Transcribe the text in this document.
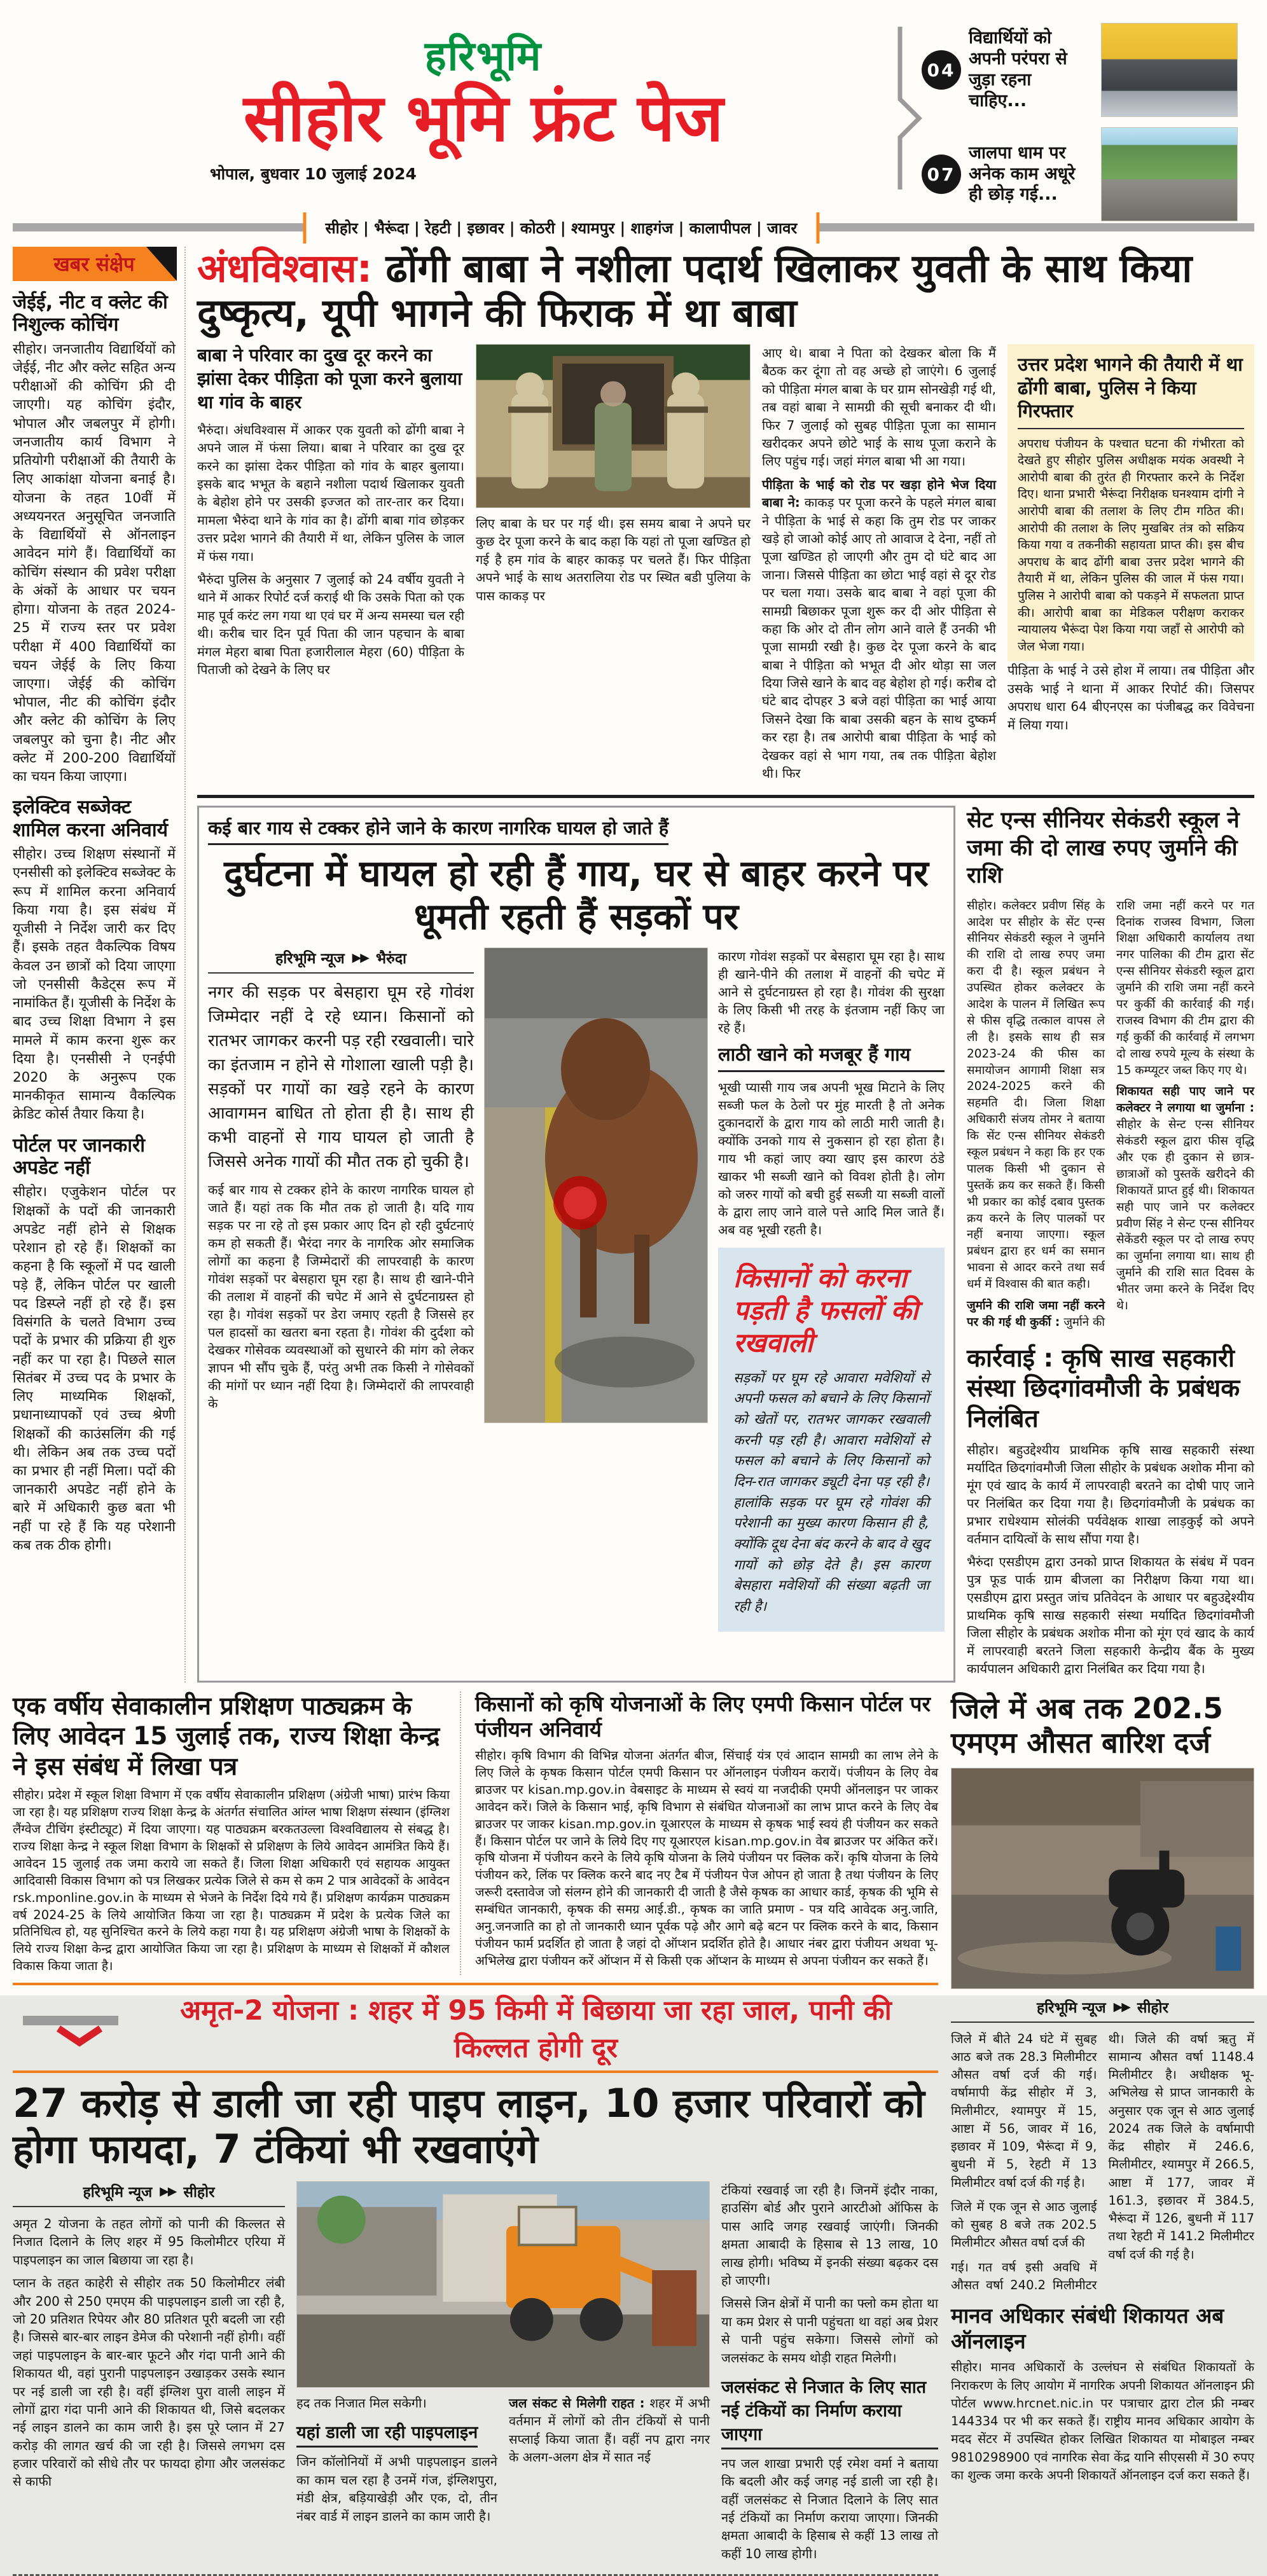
हरिभूमि
सीहोर भूमि फ्रंट पेज
भोपाल, बुधवार 10 जुलाई 2024
04
विद्यार्थियों को अपनी परंपरा से जुड़ा रहना चाहिए...
07
जालपा धाम पर अनेक काम अधूरे ही छोड़ गई...
सीहोर | भैरूंदा | रेहटी | इछावर | कोठरी | श्यामपुर | शाहगंज | कालापीपल | जावर
खबर संक्षेप
जेईई, नीट व क्लेट की निशुल्क कोचिंग

सीहोर। जनजातीय विद्यार्थियों को जेईई, नीट और क्लेट सहित अन्य परीक्षाओं की कोचिंग फ्री दी जाएगी। यह कोचिंग इंदौर, भोपाल और जबलपुर में होगी। जनजातीय कार्य विभाग ने प्रतियोगी परीक्षाओं की तैयारी के लिए आकांक्षा योजना बनाई है। योजना के तहत 10वीं में अध्ययनरत अनुसूचित जनजाति के विद्यार्थियों से ऑनलाइन आवेदन मांगे हैं। विद्यार्थियों का कोचिंग संस्थान की प्रवेश परीक्षा के अंकों के आधार पर चयन होगा। योजना के तहत 2024-25 में राज्य स्तर पर प्रवेश परीक्षा में 400 विद्यार्थियों का चयन जेईई के लिए किया जाएगा। जेईई की कोचिंग भोपाल, नीट की कोचिंग इंदौर और क्लेट की कोचिंग के लिए जबलपुर को चुना है। नीट और क्लेट में 200-200 विद्यार्थियों का चयन किया जाएगा।

इलेक्टिव सब्जेक्ट शामिल करना अनिवार्य

सीहोर। उच्च शिक्षण संस्थानों में एनसीसी को इलेक्टिव सब्जेक्ट के रूप में शामिल करना अनिवार्य किया गया है। इस संबंध में यूजीसी ने निर्देश जारी कर दिए हैं। इसके तहत वैकल्पिक विषय केवल उन छात्रों को दिया जाएगा जो एनसीसी कैडेट्स रूप में नामांकित हैं। यूजीसी के निर्देश के बाद उच्च शिक्षा विभाग ने इस मामले में काम करना शुरू कर दिया है। एनसीसी ने एनईपी 2020 के अनुरूप एक मानकीकृत सामान्य वैकल्पिक क्रेडिट कोर्स तैयार किया है।

पोर्टल पर जानकारी अपडेट नहीं

सीहोर। एजुकेशन पोर्टल पर शिक्षकों के पदों की जानकारी अपडेट नहीं होने से शिक्षक परेशान हो रहे हैं। शिक्षकों का कहना है कि स्कूलों में पद खाली पड़े हैं, लेकिन पोर्टल पर खाली पद डिस्प्ले नहीं हो रहे हैं। इस विसंगति के चलते विभाग उच्च पदों के प्रभार की प्रक्रिया ही शुरु नहीं कर पा रहा है। पिछले साल सितंबर में उच्च पद के प्रभार के लिए माध्यमिक शिक्षकों, प्रधानाध्यापकों एवं उच्च श्रेणी शिक्षकों की काउंसलिंग की गई थी। लेकिन अब तक उच्च पदों का प्रभार ही नहीं मिला। पदों की जानकारी अपडेट नहीं होने के बारे में अधिकारी कुछ बता भी नहीं पा रहे हैं कि यह परेशानी कब तक ठीक होगी।

अंधविश्वास: ढोंगी बाबा ने नशीला पदार्थ खिलाकर युवती के साथ किया दुष्कृत्य, यूपी भागने की फिराक में था बाबा
बाबा ने परिवार का दुख दूर करने का झांसा देकर पीड़िता को पूजा करने बुलाया था गांव के बाहर

भैरुंदा। अंधविश्वास में आकर एक युवती को ढोंगी बाबा ने अपने जाल में फंसा लिया। बाबा ने परिवार का दुख दूर करने का झांसा देकर पीड़िता को गांव के बाहर बुलाया। इसके बाद भभूत के बहाने नशीला पदार्थ खिलाकर युवती के बेहोश होने पर उसकी इज्जत को तार-तार कर दिया। मामला भैरुंदा थाने के गांव का है। ढोंगी बाबा गांव छोड़कर उत्तर प्रदेश भागने की तैयारी में था, लेकिन पुलिस के जाल में फंस गया।

भैरुंदा पुलिस के अनुसार 7 जुलाई को 24 वर्षीय युवती ने थाने में आकर रिपोर्ट दर्ज कराई थी कि उसके पिता को एक माह पूर्व करंट लग गया था एवं घर में अन्य समस्या चल रही थी। करीब चार दिन पूर्व पिता की जान पहचान के बाबा मंगल मेहरा बाबा पिता हजारीलाल मेहरा (60) पीड़िता के पिताजी को देखने के लिए घर

लिए बाबा के घर पर गई थी। इस समय बाबा ने अपने घर कुछ देर पूजा करने के बाद कहा कि यहां तो पूजा खण्डित हो गई है हम गांव के बाहर काकड़ पर चलते हैं। फिर पीड़िता अपने भाई के साथ अतरालिया रोड पर स्थित बडी पुलिया के पास काकड़ पर

आए थे। बाबा ने पिता को देखकर बोला कि मैं बैठक कर दूंगा तो वह अच्छे हो जाएंगे। 6 जुलाई को पीड़िता मंगल बाबा के घर ग्राम सोनखेड़ी गई थी, तब वहां बाबा ने सामग्री की सूची बनाकर दी थी। फिर 7 जुलाई को सुबह पीड़िता पूजा का सामान खरीदकर अपने छोटे भाई के साथ पूजा कराने के लिए पहुंच गई। जहां मंगल बाबा भी आ गया।

पीड़िता के भाई को रोड पर खड़ा होने भेज दिया बाबा ने: काकड़ पर पूजा करने के पहले मंगल बाबा ने पीड़िता के भाई से कहा कि तुम रोड पर जाकर खड़े हो जाओ कोई आए तो आवाज दे देना, नहीं तो पूजा खण्डित हो जाएगी और तुम दो घंटे बाद आ जाना। जिससे पीड़िता का छोटा भाई वहां से दूर रोड पर चला गया। उसके बाद बाबा ने वहां पूजा की सामग्री बिछाकर पूजा शुरू कर दी ओर पीड़िता से कहा कि ओर दो तीन लोग आने वाले हैं उनकी भी पूजा सामग्री रखी है। कुछ देर पूजा करने के बाद बाबा ने पीड़िता को भभूत दी ओर थोड़ा सा जल दिया जिसे खाने के बाद वह बेहोश हो गई। करीब दो घंटे बाद दोपहर 3 बजे वहां पीड़िता का भाई आया जिसने देखा कि बाबा उसकी बहन के साथ दुष्कर्म कर रहा है। तब आरोपी बाबा पीड़िता के भाई को देखकर वहां से भाग गया, तब तक पीड़िता बेहोश थी। फिर

उत्तर प्रदेश भागने की तैयारी में था ढोंगी बाबा, पुलिस ने किया गिरफ्तार

अपराध पंजीयन के पश्चात घटना की गंभीरता को देखते हुए सीहोर पुलिस अधीक्षक मयंक अवस्थी ने आरोपी बाबा की तुरंत ही गिरफ्तार करने के निर्देश दिए। थाना प्रभारी भैरूंदा निरीक्षक घनश्याम दांगी ने आरोपी बाबा की तलाश के लिए टीम गठित की। आरोपी की तलाश के लिए मुखबिर तंत्र को सक्रिय किया गया व तकनीकी सहायता प्राप्त की। इस बीच अपराध के बाद ढोंगी बाबा उत्तर प्रदेश भागने की तैयारी में था, लेकिन पुलिस की जाल में फंस गया। पुलिस ने आरोपी बाबा को पकड़ने में सफलता प्राप्त की। आरोपी बाबा का मेडिकल परीक्षण कराकर न्यायालय भैरूंदा पेश किया गया जहाँ से आरोपी को जेल भेजा गया।

पीड़िता के भाई ने उसे होश में लाया। तब पीड़िता और उसके भाई ने थाना में आकर रिपोर्ट की। जिसपर अपराध धारा 64 बीएनएस का पंजीबद्ध कर विवेचना में लिया गया।

कई बार गाय से टक्कर होने जाने के कारण नागरिक घायल हो जाते हैं
दुर्घटना में घायल हो रही हैं गाय, घर से बाहर करने पर धूमती रहती हैं सड़कों पर
हरिभूमि न्यूज ▶▶ भैरुंदा

नगर की सड़क पर बेसहारा घूम रहे गोवंश जिम्मेदार नहीं दे रहे ध्यान। किसानों को रातभर जागकर करनी पड़ रही रखवाली। चारे का इंतजाम न होने से गोशाला खाली पड़ी है। सड़कों पर गायों का खड़े रहने के कारण आवागमन बाधित तो होता ही है। साथ ही कभी वाहनों से गाय घायल हो जाती है जिससे अनेक गायों की मौत तक हो चुकी है।

कई बार गाय से टक्कर होने के कारण नागरिक घायल हो जाते हैं। यहां तक कि मौत तक हो जाती है। यदि गाय सड़क पर ना रहे तो इस प्रकार आए दिन हो रही दुर्घटनाएं कम हो सकती हैं। भैरंदा नगर के नागरिक ओर समाजिक लोगों का कहना है जिम्मेदारों की लापरवाही के कारण गोवंश सड़कों पर बेसहारा घूम रहा है। साथ ही खाने-पीने की तलाश में वाहनों की चपेट में आने से दुर्घटनाग्रस्त हो रहा है। गोवंश सड़कों पर डेरा जमाए रहती है जिससे हर पल हादसों का खतरा बना रहता है। गोवंश की दुर्दशा को देखकर गोसेवक व्यवस्थाओं को सुधारने की मांग को लेकर ज्ञापन भी सौंप चुके हैं, परंतु अभी तक किसी ने गोसेवकों की मांगों पर ध्यान नहीं दिया है। जिम्मेदारों की लापरवाही के

कारण गोवंश सड़कों पर बेसहारा घूम रहा है। साथ ही खाने-पीने की तलाश में वाहनों की चपेट में आने से दुर्घटनाग्रस्त हो रहा है। गोवंश की सुरक्षा के लिए किसी भी तरह के इंतजाम नहीं किए जा रहे हैं।

लाठी खाने को मजबूर हैं गाय

भूखी प्यासी गाय जब अपनी भूख मिटाने के लिए सब्जी फल के ठेलो पर मुंह मारती है तो अनेक दुकानदारों के द्वारा गाय को लाठी मारी जाती है। क्योंकि उनको गाय से नुकसान हो रहा होता है। गाय भी कहां जाए क्या खाए इस कारण ठंडे खाकर भी सब्जी खाने को विवश होती है। लोग को जरुर गायों को बची हुई सब्जी या सब्जी वालों के द्वारा लाए जाने वाले पत्ते आदि मिल जाते हैं। अब वह भूखी रहती है।

किसानों को करना पड़ती है फसलों की रखवाली

सड़कों पर घूम रहे आवारा मवेशियों से अपनी फसल को बचाने के लिए किसानों को खेतों पर, रातभर जागकर रखवाली करनी पड़ रही है। आवारा मवेशियों से फसल को बचाने के लिए किसानों को दिन-रात जागकर ड्यूटी देना पड़ रही है। हालांकि सड़क पर घूम रहे गोवंश की परेशानी का मुख्य कारण किसान ही है, क्योंकि दूध देना बंद करने के बाद वे खुद गायों को छोड़ देते है। इस कारण बेसहारा मवेशियों की संख्या बढ़ती जा रही है।

सेट एन्स सीनियर सेकंडरी स्कूल ने जमा की दो लाख रुपए जुर्माने की राशि

सीहोर। कलेक्टर प्रवीण सिंह के आदेश पर सीहोर के सेंट एन्स सीनियर सेकंडरी स्कूल ने जुर्माने की राशि दो लाख रुपए जमा करा दी है। स्कूल प्रबंधन ने उपस्थित होकर कलेक्टर के आदेश के पालन में लिखित रूप से फीस वृद्धि तत्काल वापस ले ली है। इसके साथ ही सत्र 2023-24 की फीस का समायोजन आगामी शिक्षा सत्र 2024-2025 करने की सहमति दी। जिला शिक्षा अधिकारी संजय तोमर ने बताया कि सेंट एन्स सीनियर सेकंडरी स्कूल प्रबंधन ने कहा कि हर एक पालक किसी भी दुकान से पुस्तकें क्रय कर सकते हैं। किसी भी प्रकार का कोई दबाव पुस्तक क्रय करने के लिए पालकों पर नहीं बनाया जाएगा। स्कूल प्रबंधन द्वारा हर धर्म का समान भावना से आदर करने तथा सर्व धर्म में विश्वास की बात कही।

जुर्माने की राशि जमा नहीं करने पर की गई थी कुर्की : जुर्माने की राशि जमा नहीं करने पर गत दिनांक राजस्व विभाग, जिला शिक्षा अधिकारी कार्यालय तथा नगर पालिका की टीम द्वारा सेंट एन्स सीनियर सेकंडरी स्कूल द्वारा जुर्माने की राशि जमा नहीं करने पर कुर्की की कार्रवाई की गई। राजस्व विभाग की टीम द्वारा की गई कुर्की की कार्रवाई में लगभग दो लाख रुपये मूल्य के संस्था के 15 कम्प्यूटर जब्त किए गए थे।

शिकायत सही पाए जाने पर कलेक्टर ने लगाया था जुर्माना : सीहोर के सेन्ट एन्स सीनियर सेकंडरी स्कूल द्वारा फीस वृद्धि और एक ही दुकान से छात्र-छात्राओं को पुस्तकें खरीदने की शिकायतें प्राप्त हुई थी। शिकायत सही पाए जाने पर कलेक्टर प्रवीण सिंह ने सेन्ट एन्स सीनियर सेकेंडरी स्कूल पर दो लाख रुपए का जुर्माना लगाया था। साथ ही जुर्माने की राशि सात दिवस के भीतर जमा करने के निर्देश दिए थे।

कार्रवाई : कृषि साख सहकारी संस्था छिदगांवमौजी के प्रबंधक निलंबित

सीहोर। बहुउद्देश्यीय प्राथमिक कृषि साख सहकारी संस्था मर्यादित छिदगांवमौजी जिला सीहोर के प्रबंधक अशोक मीना को मूंग एवं खाद के कार्य में लापरवाही बरतने का दोषी पाए जाने पर निलंबित कर दिया गया है। छिदगांवमौजी के प्रबंधक का प्रभार राधेश्याम सोलंकी पर्यवेक्षक शाखा लाड़कुई को अपने वर्तमान दायित्वों के साथ सौंपा गया है।

भैरुंदा एसडीएम द्वारा उनको प्राप्त शिकायत के संबंध में पवन पुत्र फूड पार्क ग्राम बीजला का निरीक्षण किया गया था। एसडीएम द्वारा प्रस्तुत जांच प्रतिवेदन के आधार पर बहुउद्देश्यीय प्राथमिक कृषि साख सहकारी संस्था मर्यादित छिदगांवमौजी जिला सीहोर के प्रबंधक अशोक मीना को मूंग एवं खाद के कार्य में लापरवाही बरतने जिला सहकारी केन्द्रीय बैंक के मुख्य कार्यपालन अधिकारी द्वारा निलंबित कर दिया गया है।

एक वर्षीय सेवाकालीन प्रशिक्षण पाठ्यक्रम के लिए आवेदन 15 जुलाई तक, राज्य शिक्षा केन्द्र ने इस संबंध में लिखा पत्र

सीहोर। प्रदेश में स्कूल शिक्षा विभाग में एक वर्षीय सेवाकालीन प्रशिक्षण (अंग्रेजी भाषा) प्रारंभ किया जा रहा है। यह प्रशिक्षण राज्य शिक्षा केन्द्र के अंतर्गत संचालित आंग्ल भाषा शिक्षण संस्थान (इंग्लिश लैंग्वेज टीचिंग इंस्टीट्यूट) में दिया जाएगा। यह पाठ्यक्रम बरकतउल्ला विश्वविद्यालय से संबद्ध है। राज्य शिक्षा केन्द्र ने स्कूल शिक्षा विभाग के शिक्षकों से प्रशिक्षण के लिये आवेदन आमंत्रित किये हैं। आवेदन 15 जुलाई तक जमा कराये जा सकते हैं। जिला शिक्षा अधिकारी एवं सहायक आयुक्त आदिवासी विकास विभाग को पत्र लिखकर प्रत्येक जिले से कम से कम 2 पात्र आवेदकों के आवेदन rsk.mponline.gov.in के माध्यम से भेजने के निर्देश दिये गये हैं। प्रशिक्षण कार्यक्रम पाठ्यक्रम वर्ष 2024-25 के लिये आयोजित किया जा रहा है। पाठ्यक्रम में प्रदेश के प्रत्येक जिले का प्रतिनिधित्व हो, यह सुनिश्चित करने के लिये कहा गया है। यह प्रशिक्षण अंग्रेजी भाषा के शिक्षकों के लिये राज्य शिक्षा केन्द्र द्वारा आयोजित किया जा रहा है। प्रशिक्षण के माध्यम से शिक्षकों में कौशल विकास किया जाता है।

किसानों को कृषि योजनाओं के लिए एमपी किसान पोर्टल पर पंजीयन अनिवार्य

सीहोर। कृषि विभाग की विभिन्न योजना अंतर्गत बीज, सिंचाई यंत्र एवं आदान सामग्री का लाभ लेने के लिए जिले के कृषक किसान पोर्टल एमपी किसान पर ऑनलाइन पंजीयन करायें। पंजीयन के लिए वेब ब्राउजर पर kisan.mp.gov.in वेबसाइट के माध्यम से स्वयं या नजदीकी एमपी ऑनलाइन पर जाकर आवेदन करें। जिले के किसान भाई, कृषि विभाग से संबंधित योजनाओं का लाभ प्राप्त करने के लिए वेब ब्राउजर पर जाकर kisan.mp.gov.in यूआरएल के माध्यम से कृषक भाई स्वयं ही पंजीयन कर सकते हैं। किसान पोर्टल पर जाने के लिये दिए गए यूआरएल kisan.mp.gov.in वेब ब्राउजर पर अंकित करें। कृषि योजना में पंजीयन करने के लिये कृषि योजना के लिये पंजीयन पर क्लिक करें। कृषि योजना के लिये पंजीयन करे, लिंक पर क्लिक करने बाद नए टैब में पंजीयन पेज ओपन हो जाता है तथा पंजीयन के लिए जरूरी दस्तावेज जो संलग्न होने की जानकारी दी जाती है जैसे कृषक का आधार कार्ड, कृषक की भूमि से सम्बंधित जानकारी, कृषक की समग्र आई.डी., कृषक का जाति प्रमाण - पत्र यदि आवेदक अनु.जाति, अनु.जनजाति का हो तो जानकारी ध्यान पूर्वक पढ़े और आगे बढ़े बटन पर क्लिक करने के बाद, किसान पंजीयन फार्म प्रदर्शित हो जाता है जहां दो ऑप्शन प्रदर्शित होते है। आधार नंबर द्वारा पंजीयन अथवा भू-अभिलेख द्वारा पंजीयन करें ऑप्शन में से किसी एक ऑप्शन के माध्यम से अपना पंजीयन कर सकते हैं।

अमृत-2 योजना : शहर में 95 किमी में बिछाया जा रहा जाल, पानी की किल्लत होगी दूर
27 करोड़ से डाली जा रही पाइप लाइन, 10 हजार परिवारों को होगा फायदा, 7 टंकियां भी रखवाएंगे
हरिभूमि न्यूज ▶▶ सीहोर

अमृत 2 योजना के तहत लोगों को पानी की किल्लत से निजात दिलाने के लिए शहर में 95 किलोमीटर एरिया में पाइपलाइन का जाल बिछाया जा रहा है।

प्लान के तहत काहेरी से सीहोर तक 50 किलोमीटर लंबी और 200 से 250 एमएम की पाइपलाइन डाली जा रही है, जो 20 प्रतिशत रिपेयर और 80 प्रतिशत पूरी बदली जा रही है। जिससे बार-बार लाइन डेमेज की परेशानी नहीं होगी। वहीं जहां पाइपलाइन के बार-बार फूटने और गंदा पानी आने की शिकायत थी, वहां पुरानी पाइपलाइन उखाड़कर उसके स्थान पर नई डाली जा रही है। वहीं इंग्लिश पुरा वाली लाइन में लोगों द्वारा गंदा पानी आने की शिकायत थी, जिसे बदलकर नई लाइन डालने का काम जारी है। इस पूरे प्लान में 27 करोड़ की लागत खर्च की जा रही है। जिससे लगभग दस हजार परिवारों को सीधे तौर पर फायदा होगा और जलसंकट से काफी

हद तक निजात मिल सकेगी।

यहां डाली जा रही पाइपलाइन

जिन कॉलोनियों में अभी पाइपलाइन डालने का काम चल रहा है उनमें गंज, इंग्लिशपुरा, मंडी क्षेत्र, बड़ियाखेड़ी और एक, दो, तीन नंबर वार्ड में लाइन डालने का काम जारी है।

जल संकट से मिलेगी राहत : शहर में अभी वर्तमान में लोगों को तीन टंकियों से पानी सप्लाई किया जाता हैं। वहीं नप द्वारा नगर के अलग-अलग क्षेत्र में सात नई

टंकियां रखवाई जा रही है। जिनमें इंदौर नाका, हाउसिंग बोर्ड और पुराने आरटीओ ऑफिस के पास आदि जगह रखवाई जाएंगी। जिनकी क्षमता आबादी के हिसाब से 13 लाख, 10 लाख होगी। भविष्य में इनकी संख्या बढ़कर दस हो जाएगी।

जिससे जिन क्षेत्रों में पानी का फ्लो कम होता था या कम प्रेशर से पानी पहुंचता था वहां अब प्रेशर से पानी पहुंच सकेगा। जिससे लोगों को जलसंकट के समय थोड़ी राहत मिलेगी।

जलसंकट से निजात के लिए सात नई टंकियों का निर्माण कराया जाएगा

नप जल शाखा प्रभारी एई रमेश वर्मा ने बताया कि बदली और कई जगह नई डाली जा रही है। वहीं जलसंकट से निजात दिलाने के लिए सात नई टंकियों का निर्माण कराया जाएगा। जिनकी क्षमता आबादी के हिसाब से कहीं 13 लाख तो कहीं 10 लाख होगी।

जिले में अब तक 202.5 एमएम औसत बारिश दर्ज
हरिभूमि न्यूज ▶▶ सीहोर

जिले में बीते 24 घंटे में सुबह आठ बजे तक 28.3 मिलीमीटर औसत वर्षा दर्ज की गई। वर्षामापी केंद्र सीहोर में 3, मिलीमीटर, श्यामपुर में 15, आष्टा में 56, जावर में 16, इछावर में 109, भैरूंदा में 9, बुधनी में 5, रेहटी में 13 मिलीमीटर वर्षा दर्ज की गई है।

जिले में एक जून से आठ जुलाई को सुबह 8 बजे तक 202.5 मिलीमीटर औसत वर्षा दर्ज की

गई। गत वर्ष इसी अवधि में औसत वर्षा 240.2 मिलीमीटर थी। जिले की वर्षा ऋतु में सामान्य औसत वर्षा 1148.4 मिलीमीटर है। अधीक्षक भू-अभिलेख से प्राप्त जानकारी के अनुसार एक जून से आठ जुलाई 2024 तक जिले के वर्षामापी केंद्र सीहोर में 246.6, मिलीमीटर, श्यामपुर में 266.5, आष्टा में 177, जावर में 161.3, इछावर में 384.5, भैरूंदा में 126, बुधनी में 117 तथा रेहटी में 141.2 मिलीमीटर वर्षा दर्ज की गई है।

मानव अधिकार संबंधी शिकायत अब ऑनलाइन

सीहोर। मानव अधिकारों के उल्लंघन से संबंधित शिकायतों के निराकरण के लिए आयोग में नागरिक अपनी शिकायत ऑनलाइन फ्री पोर्टल www.hrcnet.nic.in पर पत्राचार द्वारा टोल फ्री नम्बर 144334 पर भी कर सकते हैं। राष्ट्रीय मानव अधिकार आयोग के मदद सेंटर में उपस्थित होकर लिखित शिकायत या मोबाइल नम्बर 9810298900 एवं नागरिक सेवा केंद्र यानि सीएससी में 30 रुपए का शुल्क जमा करके अपनी शिकायतें ऑनलाइन दर्ज करा सकते हैं।
